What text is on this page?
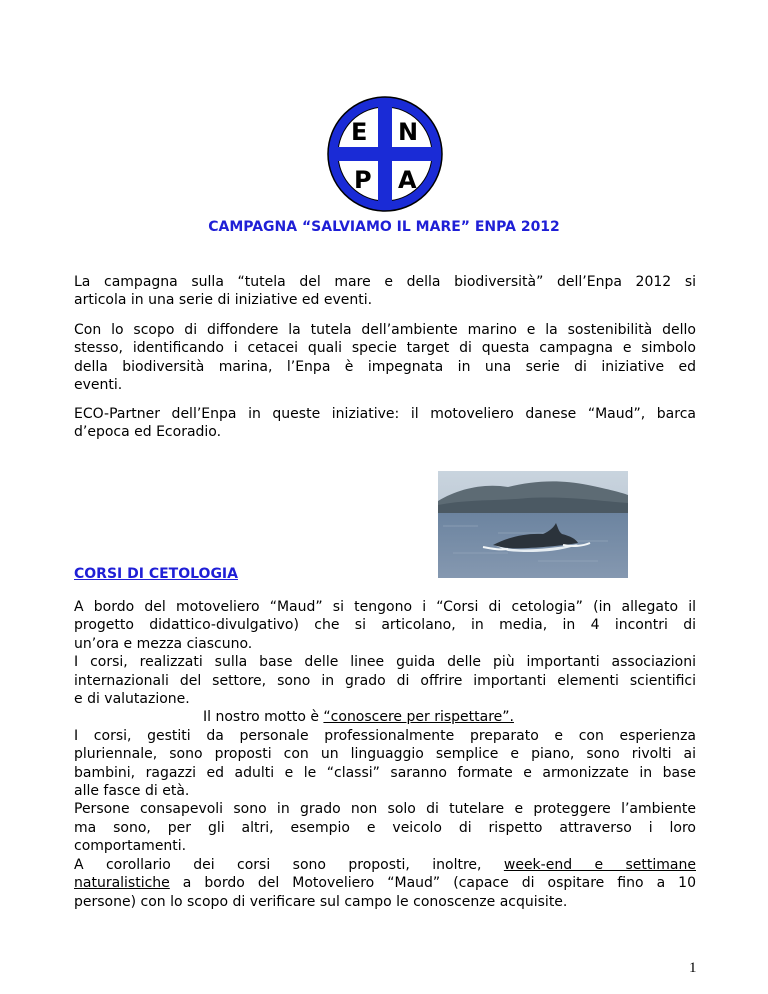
E N
P A

CAMPAGNA “SALVIAMO IL MARE” ENPA 2012

La campagna sulla “tutela del mare e della biodiversità” dell’Enpa 2012 si
articola in una serie di iniziative ed eventi.
Con lo scopo di diffondere la tutela dell’ambiente marino e la sostenibilità dello
stesso, identificando i cetacei quali specie target di questa campagna e simbolo
della biodiversità marina, l’Enpa è impegnata in una serie di iniziative ed
eventi.
ECO-Partner dell’Enpa in queste iniziative: il motoveliero danese “Maud”, barca
d’epoca ed Ecoradio.

CORSI DI CETOLOGIA

A bordo del motoveliero “Maud” si tengono i “Corsi di cetologia” (in allegato il
progetto didattico-divulgativo) che si articolano, in media, in 4 incontri di
un’ora e mezza ciascuno.
I corsi, realizzati sulla base delle linee guida delle più importanti associazioni
internazionali del settore, sono in grado di offrire importanti elementi scientifici
e di valutazione.
Il nostro motto è “conoscere per rispettare”.
I corsi, gestiti da personale professionalmente preparato e con esperienza
pluriennale, sono proposti con un linguaggio semplice e piano, sono rivolti ai
bambini, ragazzi ed adulti e le “classi” saranno formate e armonizzate in base
alle fasce di età.
Persone consapevoli sono in grado non solo di tutelare e proteggere l’ambiente
ma sono, per gli altri, esempio e veicolo di rispetto attraverso i loro
comportamenti.
A corollario dei corsi sono proposti, inoltre, week-end e settimane
naturalistiche a bordo del Motoveliero “Maud” (capace di ospitare fino a 10
persone) con lo scopo di verificare sul campo le conoscenze acquisite.
1
